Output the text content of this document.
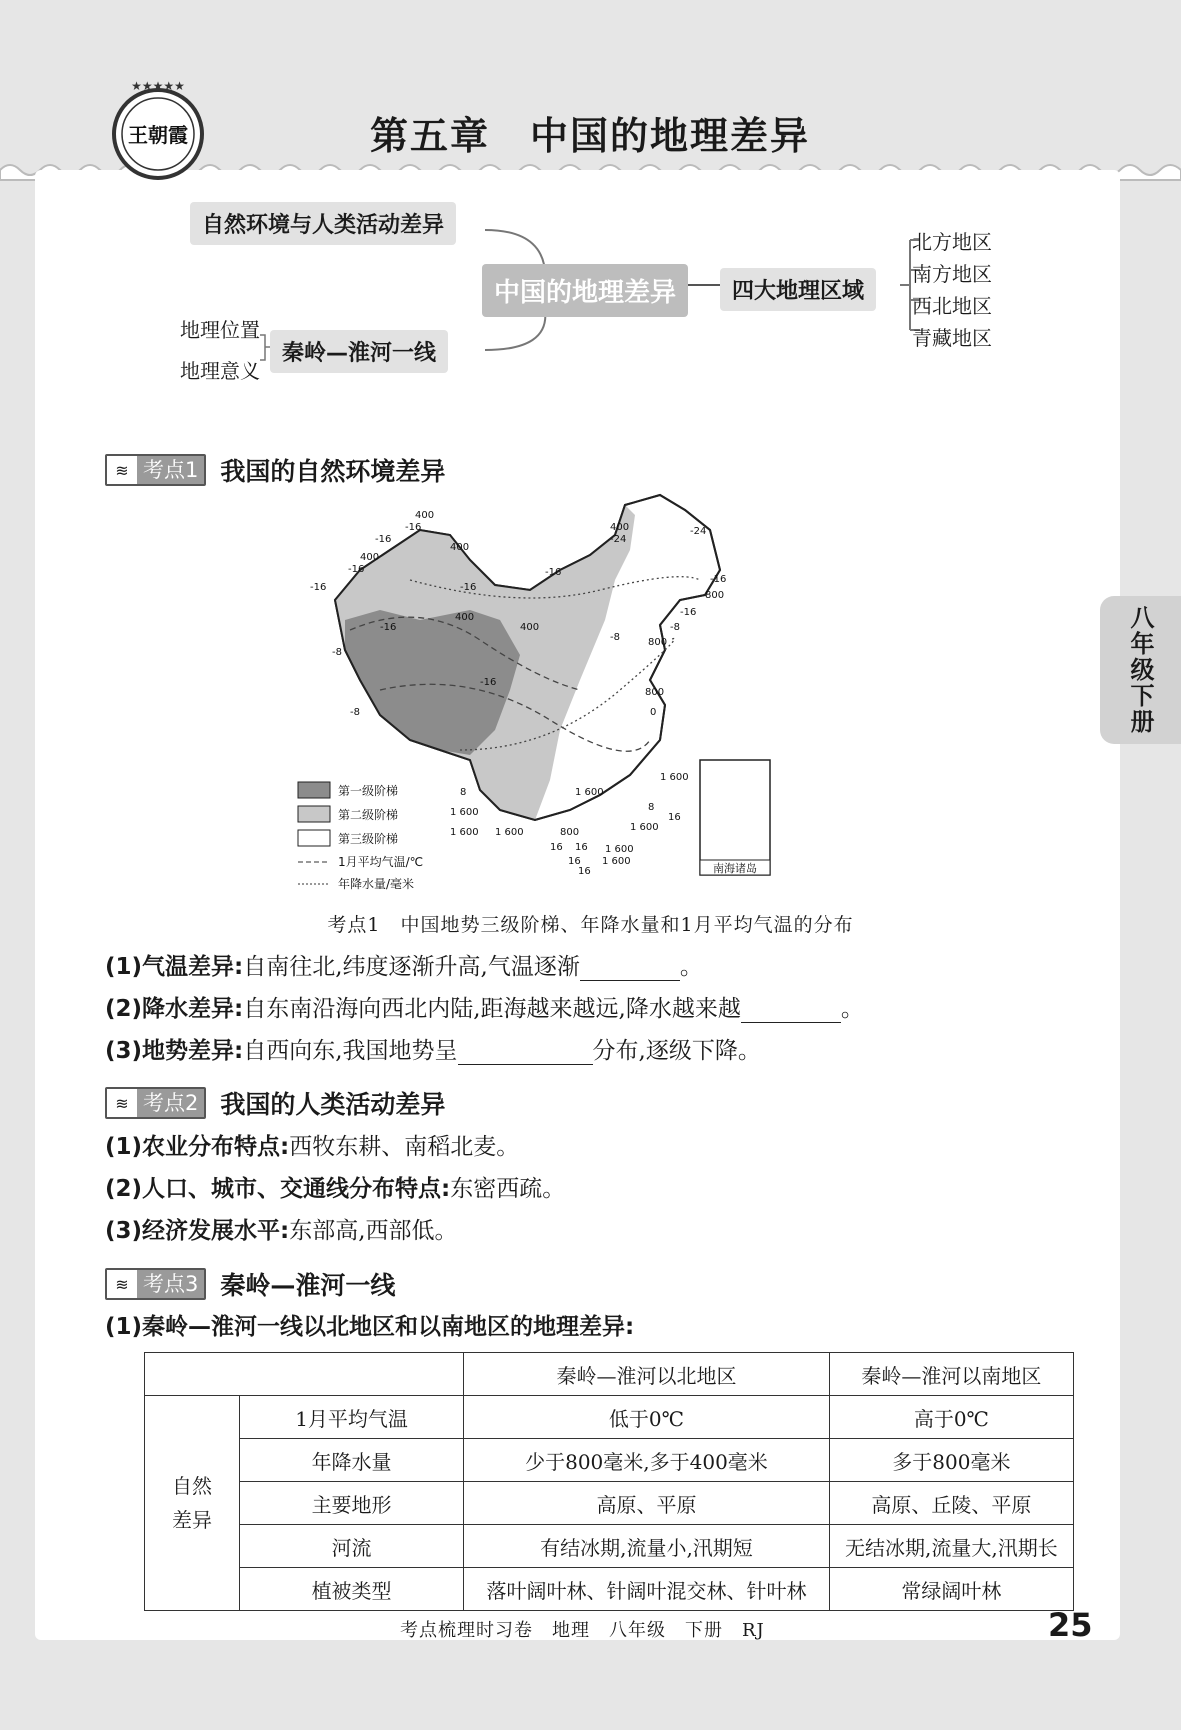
★★★★★
王朝霞	第五章　中国的地理差异
八年级下册
自然环境与人类活动差异
中国的地理差异	四大地理区域
秦岭—淮河一线
地理位置
地理意义
北方地区
南方地区
西北地区
青藏地区
≋ 考点1 我国的自然环境差异
南海诸岛
400
-16
-16
400
-16
400
-16	-16
400
-16
-16
400
-8
400
-24
-24
-16
800
-16
-8
800
-8
800
0
-8
-16
1 600
1 600
1 600
1 600	800
8
8
16
1 600
1 600
16 16 1 600
1 600
16
16
第一级阶梯
第二级阶梯
第三级阶梯
1月平均气温/℃
年降水量/毫米
考点1　中国地势三级阶梯、年降水量和1月平均气温的分布
(1)气温差异:自南往北,纬度逐渐升高,气温逐渐	。
(2)降水差异:自东南沿海向西北内陆,距海越来越远,降水越来越	。
(3)地势差异:自西向东,我国地势呈	分布,逐级下降。
≋ 考点2 我国的人类活动差异
(1)农业分布特点:西牧东耕、南稻北麦。
(2)人口、城市、交通线分布特点:东密西疏。
(3)经济发展水平:东部高,西部低。
≋ 考点3 秦岭—淮河一线
(1)秦岭—淮河一线以北地区和以南地区的地理差异:
		秦岭—淮河以北地区	秦岭—淮河以南地区
自然差异	1月平均气温	低于0℃	高于0℃
	年降水量	少于800毫米,多于400毫米	多于800毫米
	主要地形	高原、平原	高原、丘陵、平原
	河流	有结冰期,流量小,汛期短	无结冰期,流量大,汛期长
	植被类型	落叶阔叶林、针阔叶混交林、针叶林	常绿阔叶林
考点梳理时习卷　地理　八年级　下册　RJ	25
